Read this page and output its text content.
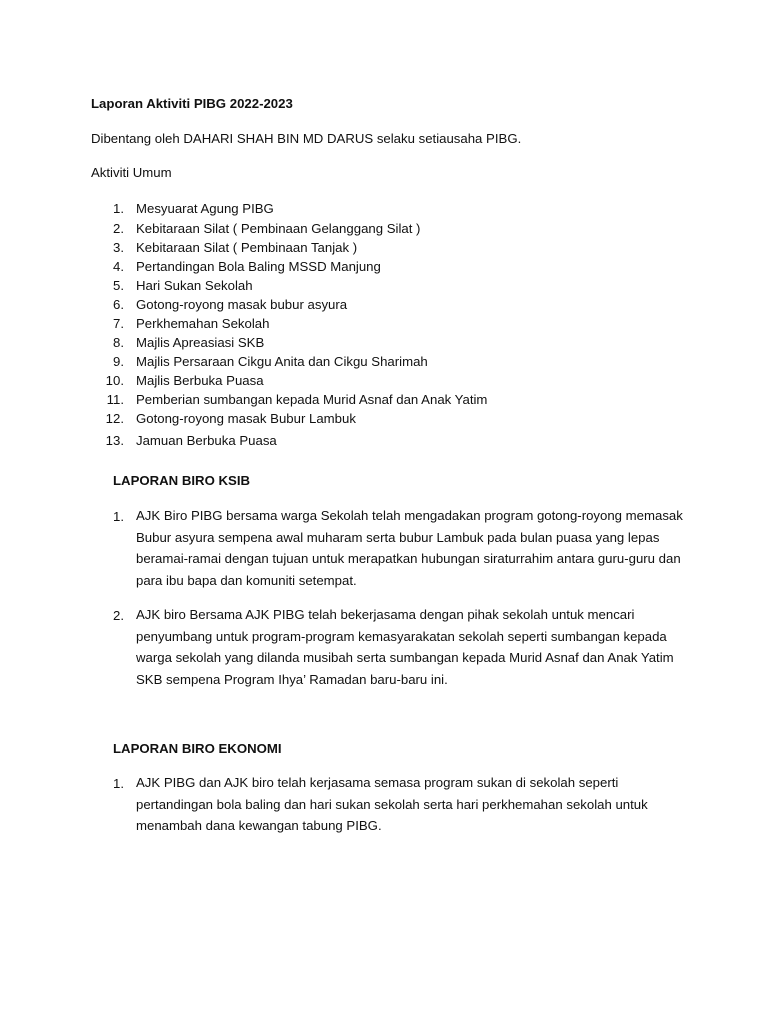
Laporan Aktiviti PIBG 2022-2023
Dibentang oleh DAHARI SHAH BIN MD DARUS selaku setiausaha PIBG.
Aktiviti Umum
1. Mesyuarat Agung PIBG
2. Kebitaraan Silat ( Pembinaan Gelanggang Silat )
3. Kebitaraan Silat ( Pembinaan Tanjak )
4. Pertandingan Bola Baling MSSD Manjung
5. Hari Sukan Sekolah
6. Gotong-royong masak bubur asyura
7. Perkhemahan Sekolah
8. Majlis Apreasiasi SKB
9. Majlis Persaraan Cikgu Anita dan Cikgu Sharimah
10. Majlis Berbuka Puasa
11. Pemberian sumbangan kepada Murid Asnaf dan Anak Yatim
12. Gotong-royong masak Bubur Lambuk
13. Jamuan Berbuka Puasa
LAPORAN BIRO KSIB
1. AJK Biro PIBG bersama warga Sekolah telah mengadakan program gotong-royong memasak Bubur asyura sempena awal muharam serta bubur Lambuk pada bulan puasa yang lepas beramai-ramai dengan tujuan untuk merapatkan hubungan siraturrahim antara guru-guru dan para ibu bapa dan komuniti setempat.
2. AJK biro Bersama AJK PIBG telah bekerjasama dengan pihak sekolah untuk mencari penyumbang untuk program-program kemasyarakatan sekolah seperti sumbangan kepada warga sekolah yang dilanda musibah serta sumbangan kepada Murid Asnaf dan Anak Yatim SKB sempena Program Ihya’ Ramadan baru-baru ini.
LAPORAN BIRO EKONOMI
1. AJK PIBG dan AJK biro telah kerjasama semasa program sukan di sekolah seperti pertandingan bola baling dan hari sukan sekolah serta hari perkhemahan sekolah untuk menambah dana kewangan tabung PIBG.
